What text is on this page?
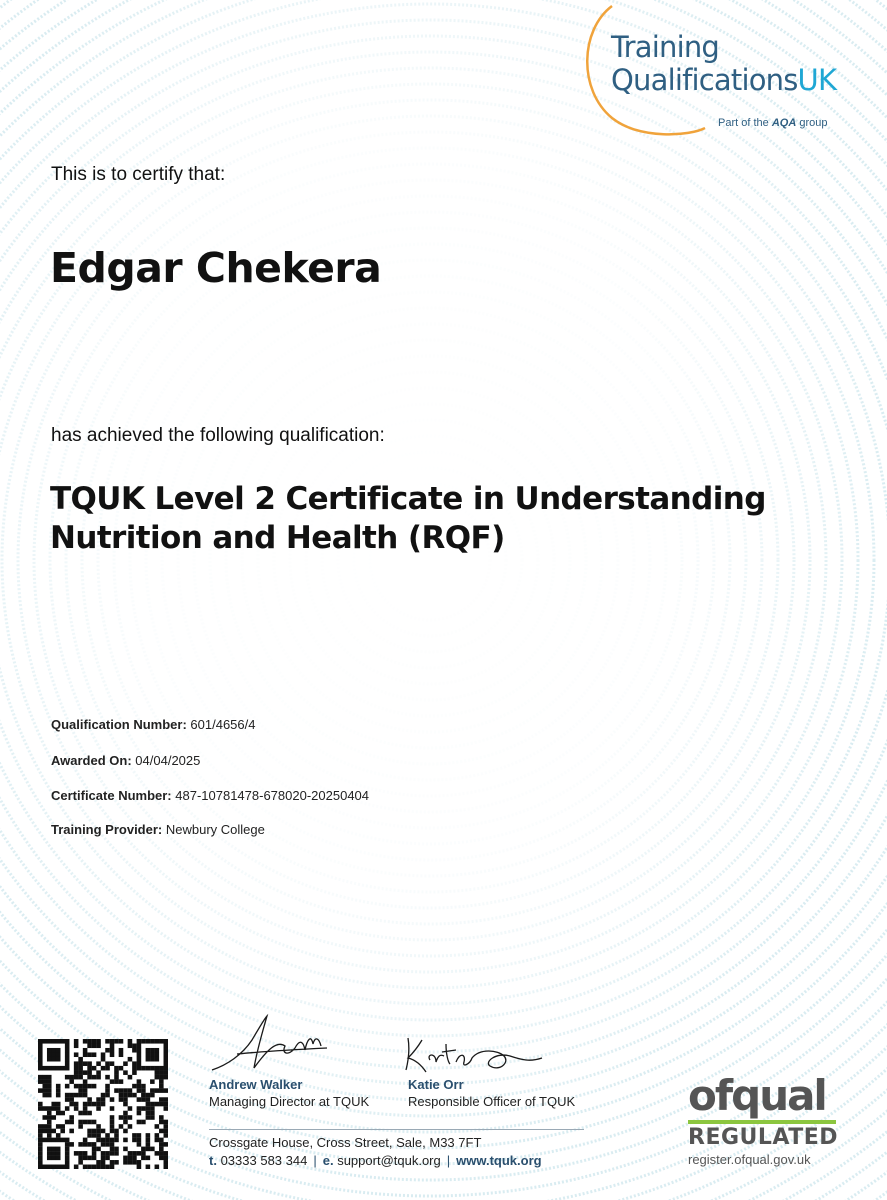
Training
QualificationsUK
Part of the AQA group
This is to certify that:
Edgar Chekera
has achieved the following qualification:
TQUK Level 2 Certificate in Understanding
Nutrition and Health (RQF)
Qualification Number: 601/4656/4
Awarded On: 04/04/2025
Certificate Number: 487-10781478-678020-20250404
Training Provider: Newbury College
Andrew Walker
Managing Director at TQUK
Katie Orr
Responsible Officer of TQUK
Crossgate House, Cross Street, Sale, M33 7FT
t. 03333 583 344 | e. support@tquk.org | www.tquk.org
ofqual
REGULATED
register.ofqual.gov.uk
